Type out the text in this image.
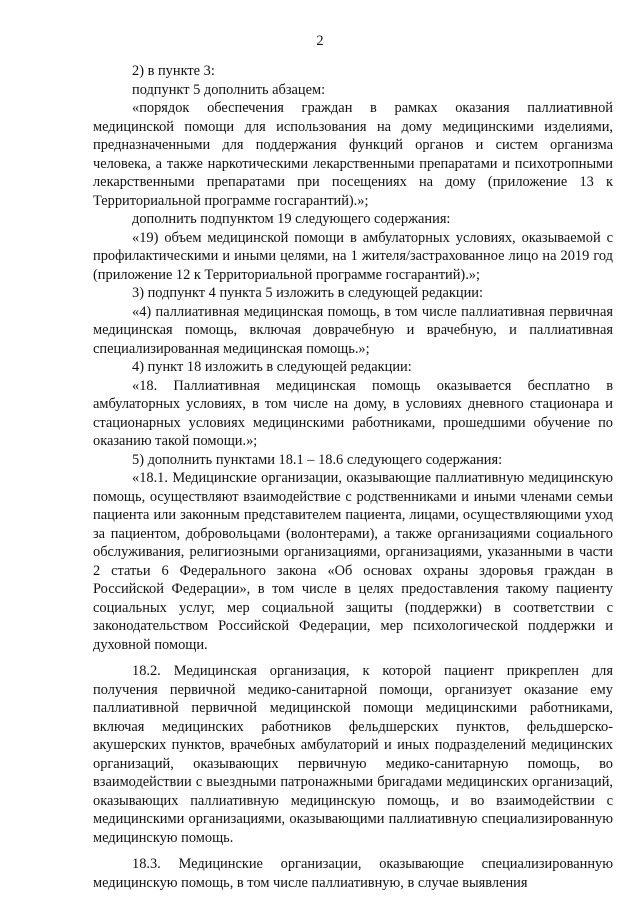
2

2) в пункте 3:

подпункт 5 дополнить абзацем:

«порядок обеспечения граждан в рамках оказания паллиативной медицинской помощи для использования на дому медицинскими изделиями, предназначенными для поддержания функций органов и систем организма человека, а также наркотическими лекарственными препаратами и психотропными лекарственными препаратами при посещениях на дому (приложение 13 к Территориальной программе госгарантий).»;

дополнить подпунктом 19 следующего содержания:

«19) объем медицинской помощи в амбулаторных условиях, оказываемой с профилактическими и иными целями, на 1 жителя/застрахованное лицо на 2019 год (приложение 12 к Территориальной программе госгарантий).»;

3) подпункт 4 пункта 5 изложить в следующей редакции:

«4) паллиативная медицинская помощь, в том числе паллиативная первичная медицинская помощь, включая доврачебную и врачебную, и паллиативная специализированная медицинская помощь.»;

4) пункт 18 изложить в следующей редакции:

«18. Паллиативная медицинская помощь оказывается бесплатно в амбулаторных условиях, в том числе на дому, в условиях дневного стационара и стационарных условиях медицинскими работниками, прошедшими обучение по оказанию такой помощи.»;

5) дополнить пунктами 18.1 – 18.6 следующего содержания:

«18.1. Медицинские организации, оказывающие паллиативную медицинскую помощь, осуществляют взаимодействие с родственниками и иными членами семьи пациента или законным представителем пациента, лицами, осуществляющими уход за пациентом, добровольцами (волонтерами), а также организациями социального обслуживания, религиозными организациями, организациями, указанными в части 2 статьи 6 Федерального закона «Об основах охраны здоровья граждан в Российской Федерации», в том числе в целях предоставления такому пациенту социальных услуг, мер социальной защиты (поддержки) в соответствии с законодательством Российской Федерации, мер психологической поддержки и духовной помощи.

18.2. Медицинская организация, к которой пациент прикреплен для получения первичной медико-санитарной помощи, организует оказание ему паллиативной первичной медицинской помощи медицинскими работниками, включая медицинских работников фельдшерских пунктов, фельдшерско-акушерских пунктов, врачебных амбулаторий и иных подразделений медицинских организаций, оказывающих первичную медико-санитарную помощь, во взаимодействии с выездными патронажными бригадами медицинских организаций, оказывающих паллиативную медицинскую помощь, и во взаимодействии с медицинскими организациями, оказывающими паллиативную специализированную медицинскую помощь.

18.3. Медицинские организации, оказывающие специализированную медицинскую помощь, в том числе паллиативную, в случае выявления
